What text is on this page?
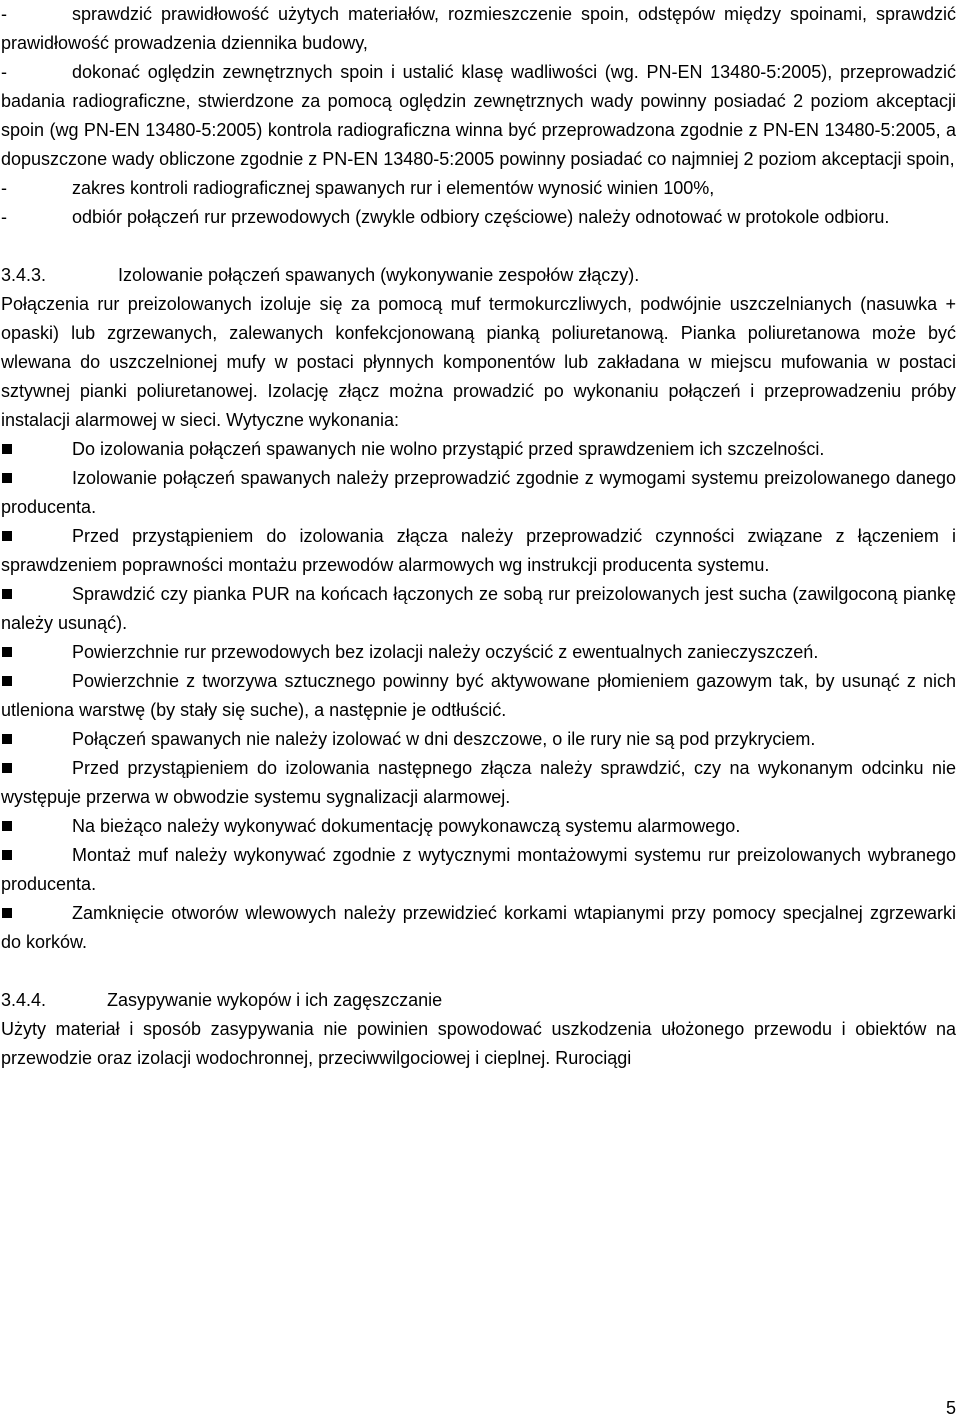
-	sprawdzić prawidłowość użytych materiałów, rozmieszczenie spoin, odstępów między spoinami, sprawdzić prawidłowość prowadzenia dziennika budowy,

-	dokonać oględzin zewnętrznych spoin i ustalić klasę wadliwości (wg. PN-EN 13480-5:2005), przeprowadzić badania radiograficzne, stwierdzone za pomocą oględzin zewnętrznych wady powinny posiadać 2 poziom akceptacji spoin (wg PN-EN 13480-5:2005) kontrola radiograficzna winna być przeprowadzona zgodnie z PN-EN 13480-5:2005, a dopuszczone wady obliczone zgodnie z PN-EN 13480-5:2005 powinny posiadać co najmniej 2 poziom akceptacji spoin,

-	zakres kontroli radiograficznej spawanych rur i elementów wynosić winien 100%,

-	odbiór połączeń rur przewodowych (zwykle odbiory częściowe) należy odnotować w protokole odbioru.

3.4.3.	Izolowanie połączeń spawanych (wykonywanie zespołów złączy).

Połączenia rur preizolowanych izoluje się za pomocą muf termokurczliwych, podwójnie uszczelnianych (nasuwka + opaski) lub zgrzewanych, zalewanych konfekcjonowaną pianką poliuretanową. Pianka poliuretanowa może być wlewana do uszczelnionej mufy w postaci płynnych komponentów lub zakładana w miejscu mufowania w postaci sztywnej pianki poliuretanowej. Izolację złącz można prowadzić po wykonaniu połączeń i przeprowadzeniu próby instalacji alarmowej w sieci. Wytyczne wykonania:

Do izolowania połączeń spawanych nie wolno przystąpić przed sprawdzeniem ich szczelności.

Izolowanie połączeń spawanych należy przeprowadzić zgodnie z wymogami systemu preizolowanego danego producenta.

Przed przystąpieniem do izolowania złącza należy przeprowadzić czynności związane z łączeniem i sprawdzeniem poprawności montażu przewodów alarmowych wg instrukcji producenta systemu.

Sprawdzić czy pianka PUR na końcach łączonych ze sobą rur preizolowanych jest sucha (zawilgoconą piankę należy usunąć).

Powierzchnie rur przewodowych bez izolacji należy oczyścić z ewentualnych zanieczyszczeń.

Powierzchnie z tworzywa sztucznego powinny być aktywowane płomieniem gazowym tak, by usunąć z nich utleniona warstwę (by stały się suche), a następnie je odtłuścić.

Połączeń spawanych nie należy izolować w dni deszczowe, o ile rury nie są pod przykryciem.

Przed przystąpieniem do izolowania następnego złącza należy sprawdzić, czy na wykonanym odcinku nie występuje przerwa w obwodzie systemu sygnalizacji alarmowej.

Na bieżąco należy wykonywać dokumentację powykonawczą systemu alarmowego.

Montaż muf należy wykonywać zgodnie z wytycznymi montażowymi systemu rur preizolowanych wybranego producenta.

Zamknięcie otworów wlewowych należy przewidzieć korkami wtapianymi przy pomocy specjalnej zgrzewarki do korków.

3.4.4.	Zasypywanie wykopów i ich zagęszczanie

Użyty materiał i sposób zasypywania nie powinien spowodować uszkodzenia ułożonego przewodu i obiektów na przewodzie oraz izolacji wodochronnej, przeciwwilgociowej i cieplnej. Rurociągi

5
